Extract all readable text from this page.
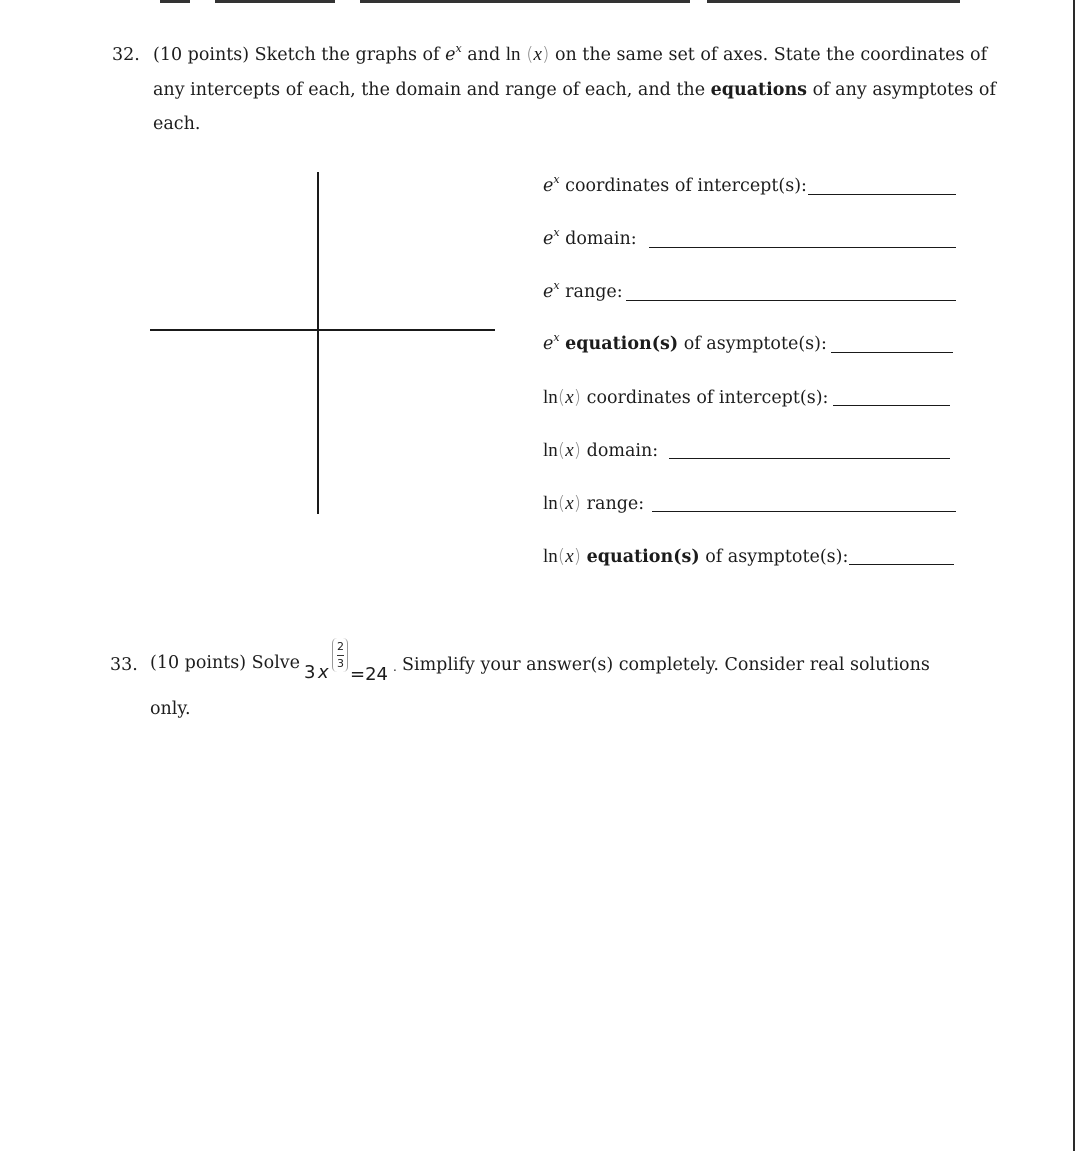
32. (10 points) Sketch the graphs of $e^x$ and ln (x) on the same set of axes. State the coordinates of
any intercepts of each, the domain and range of each, and the equations of any asymptotes of
each.
$e^x$ coordinates of intercept(s):
$e^x$ domain:
$e^x$ range:
$e^x$ equation(s) of asymptote(s):
ln(x) coordinates of intercept(s):
ln(x) domain:
ln(x) range:
ln(x) equation(s) of asymptote(s):
33. (10 points) Solve 3 x
2
3
=24 . Simplify your answer(s) completely. Consider real solutions
only.
